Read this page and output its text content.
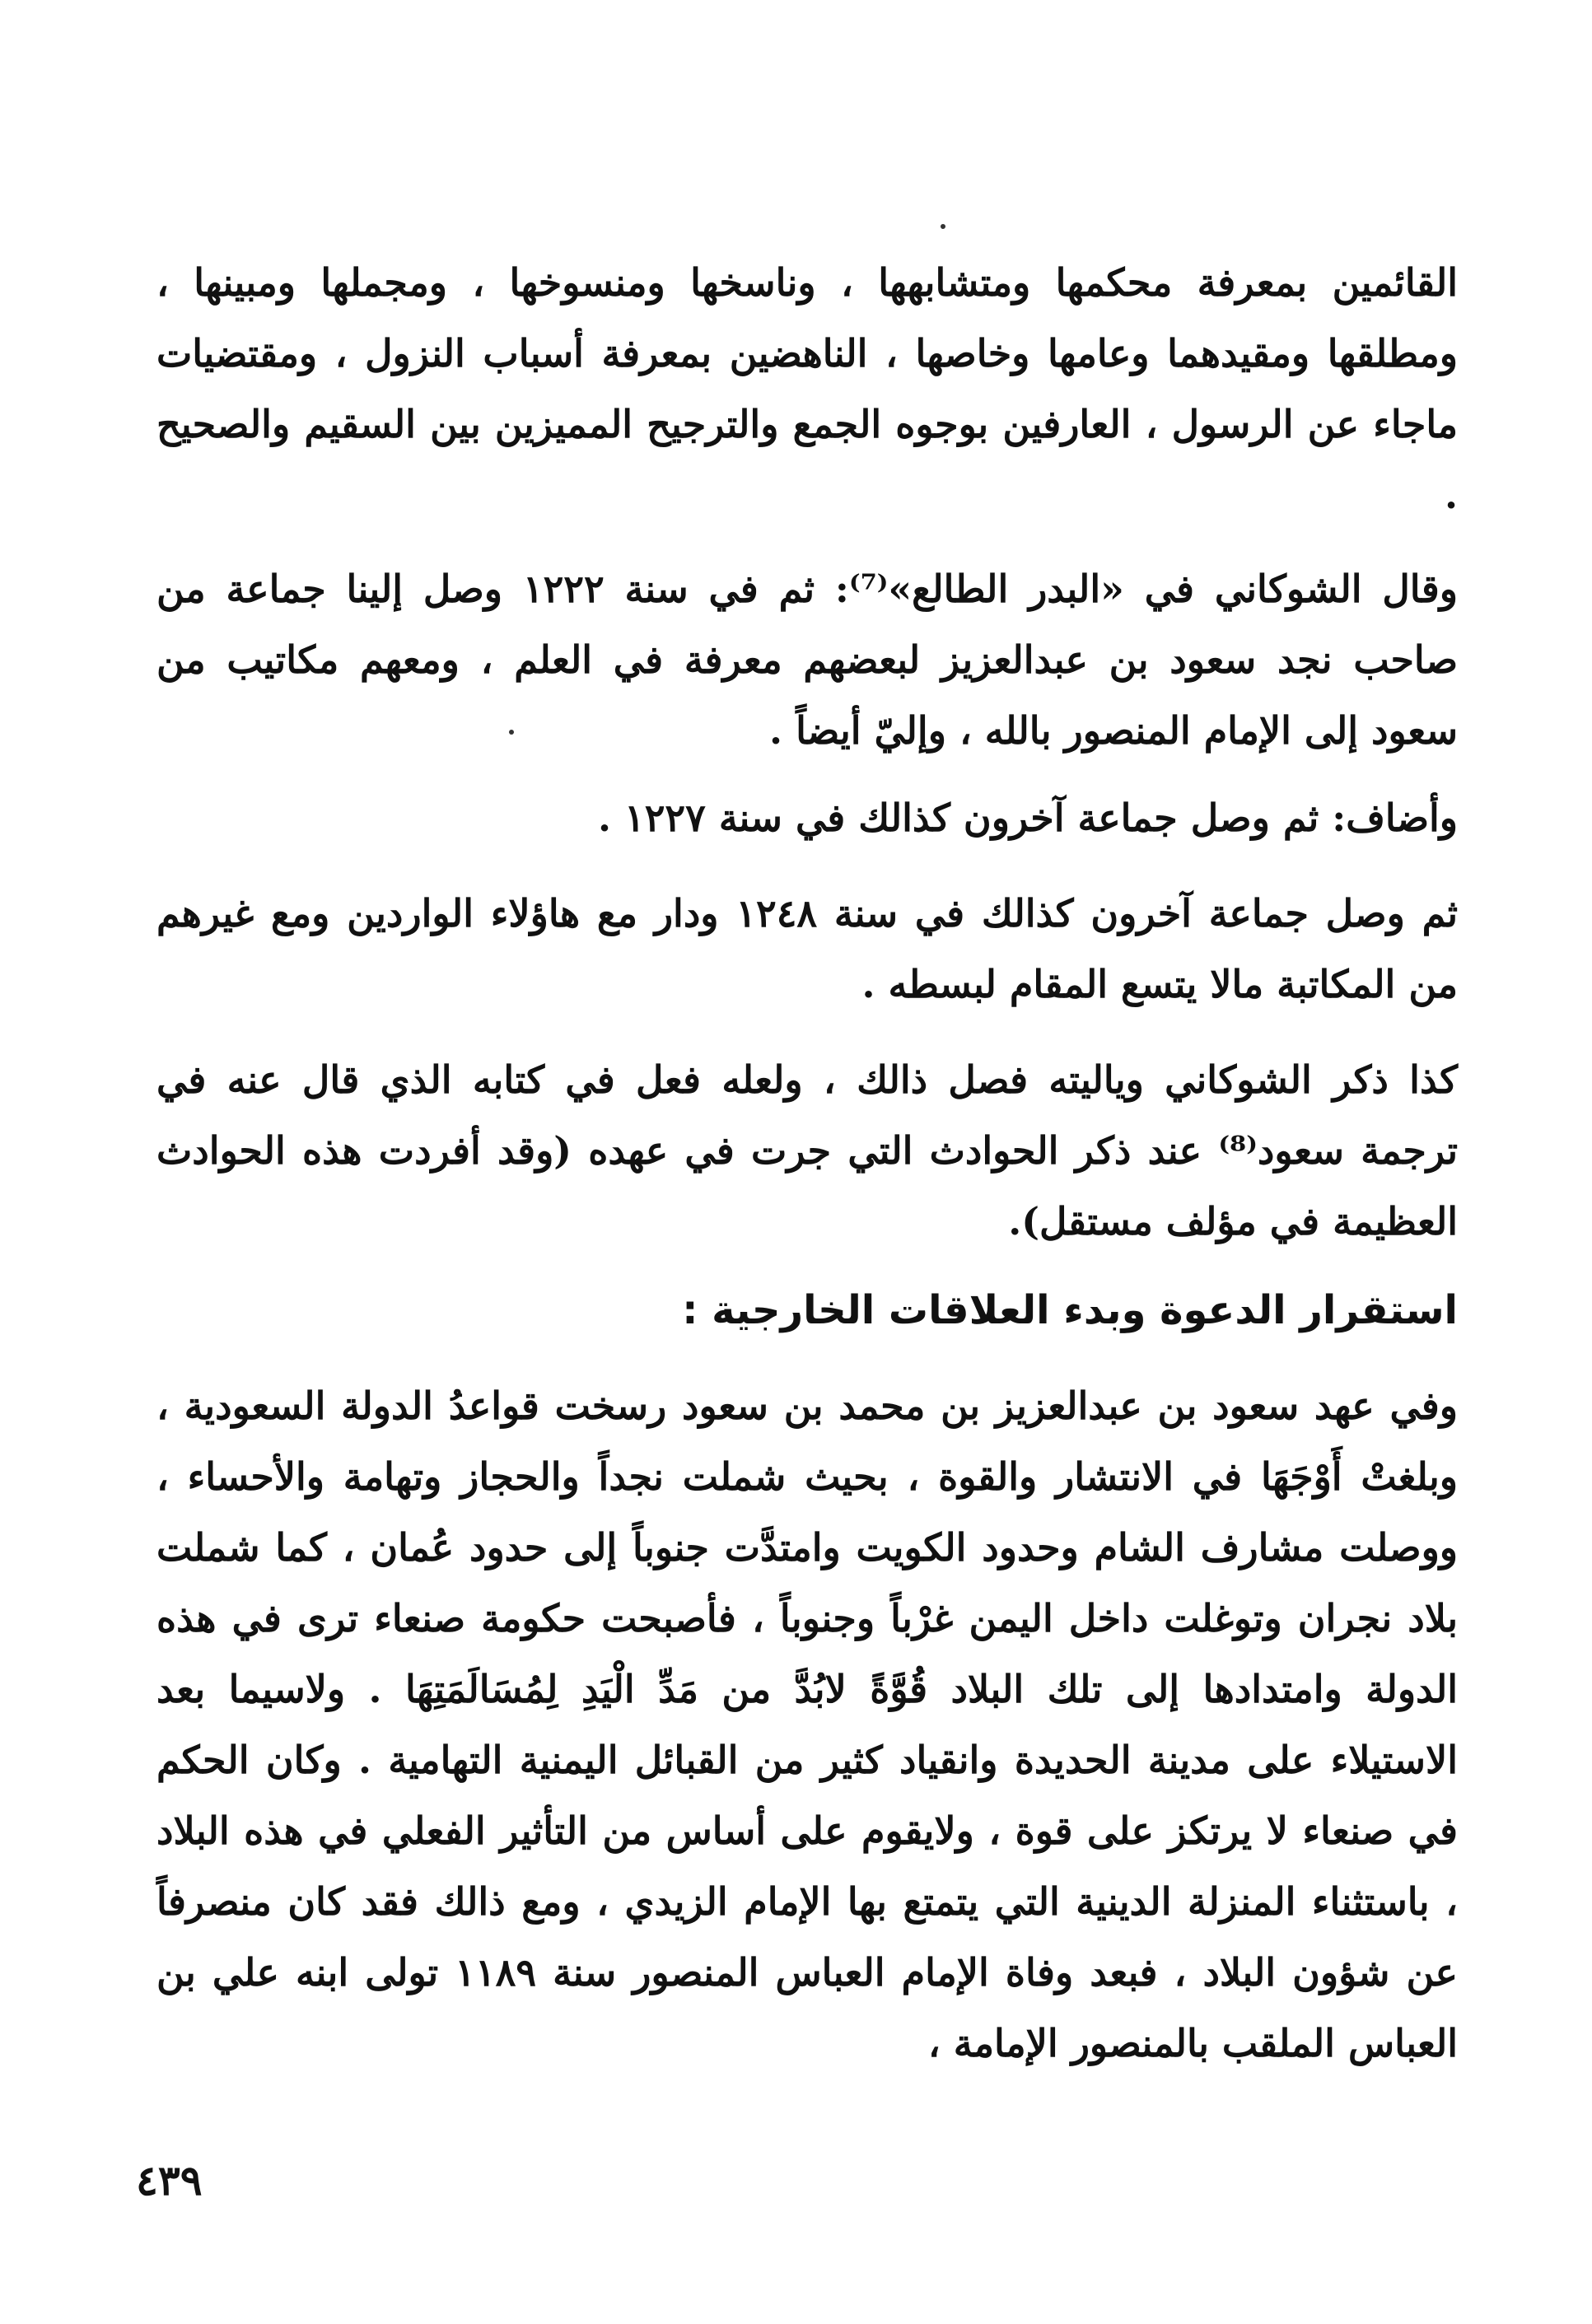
القائمين بمعرفة محكمها ومتشابهها ، وناسخها ومنسوخها ، ومجملها ومبينها ، ومطلقها ومقيدهما وعامها وخاصها ، الناهضين بمعرفة أسباب النزول ، ومقتضيات ماجاء عن الرسول ، العارفين بوجوه الجمع والترجيح المميزين بين السقيم والصحيح .

وقال الشوكاني في «البدر الطالع»⁽⁷⁾: ثم في سنة ١٢٢٢ وصل إلينا جماعة من صاحب نجد سعود بن عبدالعزيز لبعضهم معرفة في العلم ، ومعهم مكاتيب من سعود إلى الإمام المنصور بالله ، وإليّ أيضاً .

وأضاف: ثم وصل جماعة آخرون كذالك في سنة ١٢٢٧ .

ثم وصل جماعة آخرون كذالك في سنة ١٢٤٨ ودار مع هاؤلاء الواردين ومع غيرهم من المكاتبة مالا يتسع المقام لبسطه .

كذا ذكر الشوكاني وياليته فصل ذالك ، ولعله فعل في كتابه الذي قال عنه في ترجمة سعود⁽⁸⁾ عند ذكر الحوادث التي جرت في عهده (وقد أفردت هذه الحوادث العظيمة في مؤلف مستقل).

استقرار الدعوة وبدء العلاقات الخارجية :

وفي عهد سعود بن عبدالعزيز بن محمد بن سعود رسخت قواعدُ الدولة السعودية ، وبلغتْ أَوْجَهَا في الانتشار والقوة ، بحيث شملت نجداً والحجاز وتهامة والأحساء ، ووصلت مشارف الشام وحدود الكويت وامتدَّت جنوباً إلى حدود عُمان ، كما شملت بلاد نجران وتوغلت داخل اليمن غرْباً وجنوباً ، فأصبحت حكومة صنعاء ترى في هذه الدولة وامتدادها إلى تلك البلاد قُوَّةً لابُدَّ من مَدِّ الْيَدِ لِمُسَالَمَتِهَا . ولاسيما بعد الاستيلاء على مدينة الحديدة وانقياد كثير من القبائل اليمنية التهامية . وكان الحكم في صنعاء لا يرتكز على قوة ، ولايقوم على أساس من التأثير الفعلي في هذه البلاد ، باستثناء المنزلة الدينية التي يتمتع بها الإمام الزيدي ، ومع ذالك فقد كان منصرفاً عن شؤون البلاد ، فبعد وفاة الإمام العباس المنصور سنة ١١٨٩ تولى ابنه علي بن العباس الملقب بالمنصور الإمامة ،

٤٣٩
